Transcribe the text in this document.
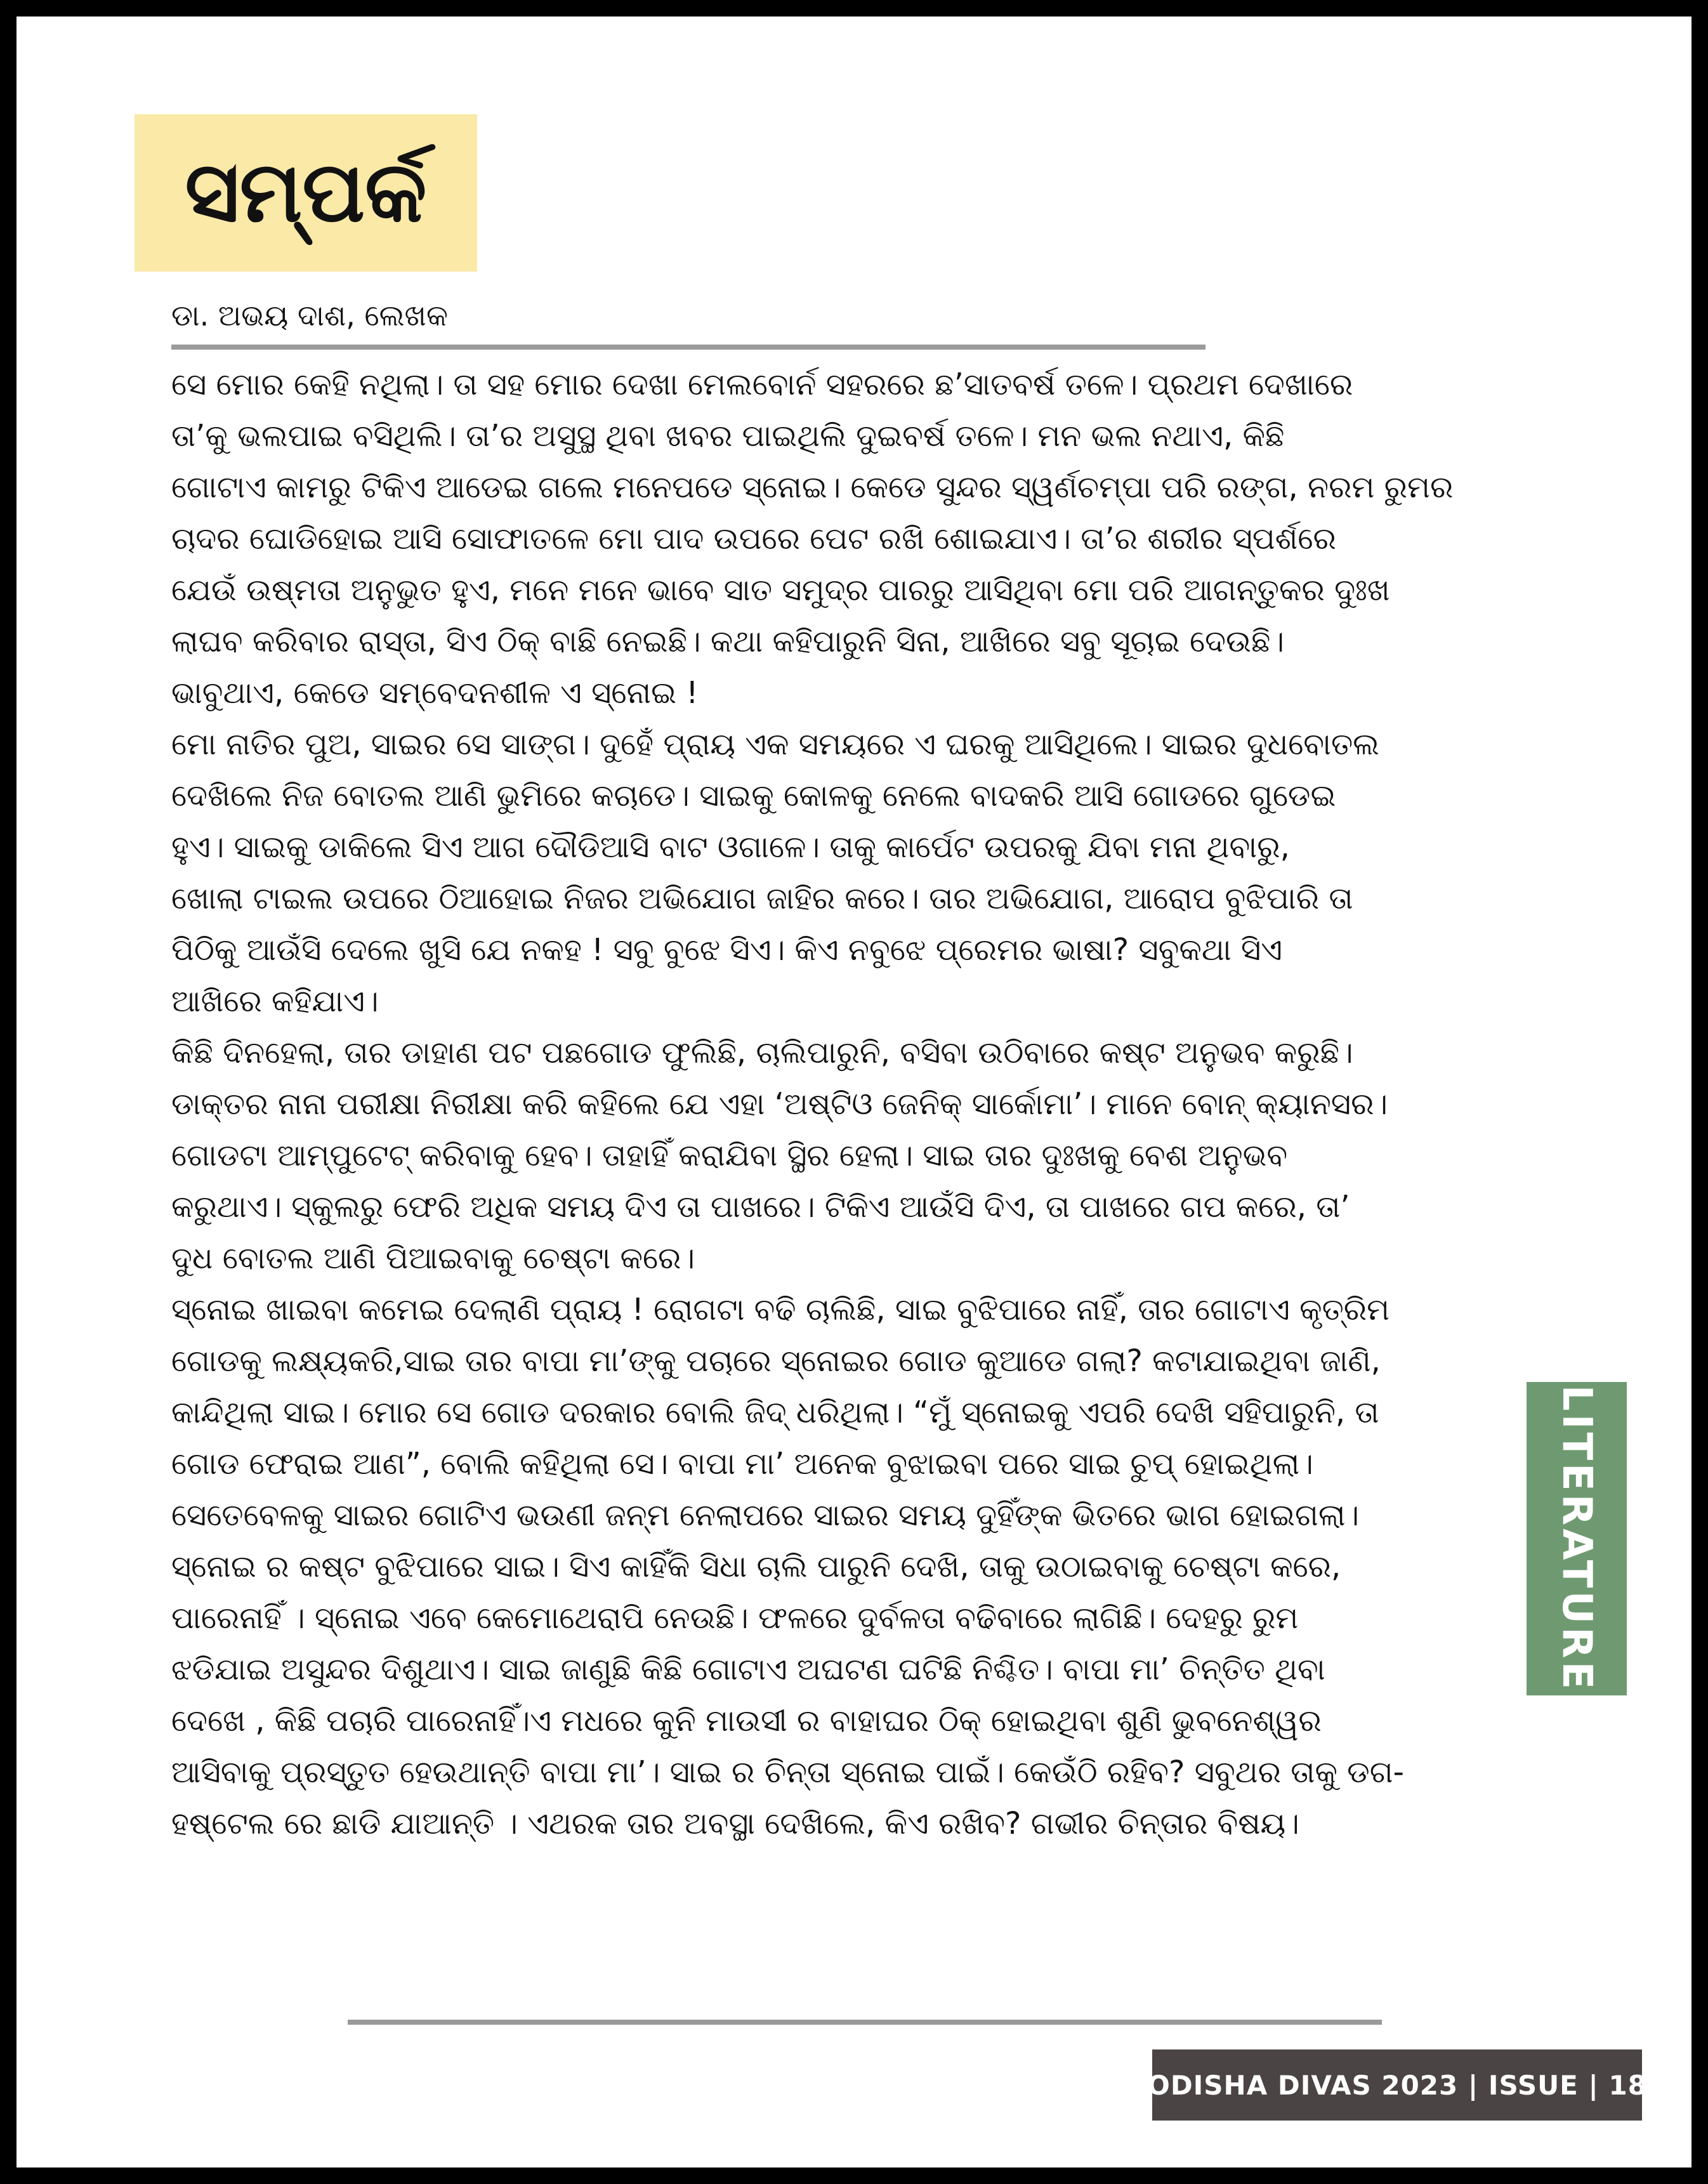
ସମ୍ପର୍କ
ଡା. ଅଭୟ ଦାଶ, ଲେଖକ
ସେ ମୋର କେହି ନଥିଲା। ତା ସହ ମୋର ଦେଖା ମେଲବୋର୍ନ ସହରରେ ଛ’ସାତବର୍ଷ ତଳେ। ପ୍ରଥମ ଦେଖାରେ
ତା’କୁ ଭଲପାଇ ବସିଥିଲି। ତା’ର ଅସୁସ୍ଥ ଥିବା ଖବର ପାଇଥିଲି ଦୁଇବର୍ଷ ତଳେ। ମନ ଭଲ ନଥାଏ, କିଛି
ଗୋଟାଏ କାମରୁ ଟିକିଏ ଆଡେଇ ଗଲେ ମନେପଡେ ସ୍ନୋଇ। କେଡେ ସୁନ୍ଦର ସ୍ୱର୍ଣଚମ୍ପା ପରି ରଙ୍ଗ, ନରମ ରୁମର
ଚାଦର ଘୋଡିହୋଇ ଆସି ସୋଫାତଳେ ମୋ ପାଦ ଉପରେ ପେଟ ରଖି ଶୋଇଯାଏ। ତା’ର ଶରୀର ସ୍ପର୍ଶରେ
ଯେଉଁ ଉଷ୍ମତା ଅନୁଭୁତ ହୁଏ, ମନେ ମନେ ଭାବେ ସାତ ସମୁଦ୍ର ପାରରୁ ଆସିଥିବା ମୋ ପରି ଆଗନ୍ତୁକର ଦୁଃଖ
ଲାଘବ କରିବାର ରାସ୍ତା, ସିଏ ଠିକ୍ ବାଛି ନେଇଛି। କଥା କହିପାରୁନି ସିନା, ଆଖିରେ ସବୁ ସୂଚାଇ ଦେଉଛି।
ଭାବୁଥାଏ, କେଡେ ସମ୍ବେଦନଶୀଳ ଏ ସ୍ନୋଇ !
ମୋ ନାତିର ପୁଅ, ସାଇର ସେ ସାଙ୍ଗ। ଦୁହେଁ ପ୍ରାୟ ଏକ ସମୟରେ ଏ ଘରକୁ ଆସିଥିଲେ। ସାଇର ଦୁଧବୋତଲ
ଦେଖିଲେ ନିଜ ବୋତଲ ଆଣି ଭୁମିରେ କଚାଡେ। ସାଇକୁ କୋଳକୁ ନେଲେ ବାଦକରି ଆସି ଗୋଡରେ ଗୁଡେଇ
ହୁଏ। ସାଇକୁ ଡାକିଲେ ସିଏ ଆଗ ଦୌଡିଆସି ବାଟ ଓଗାଳେ। ତାକୁ କାର୍ପେଟ ଉପରକୁ ଯିବା ମନା ଥିବାରୁ,
ଖୋଲା ଟାଇଲ ଉପରେ ଠିଆହୋଇ ନିଜର ଅଭିଯୋଗ ଜାହିର କରେ। ତାର ଅଭିଯୋଗ, ଆରୋପ ବୁଝିପାରି ତା
ପିଠିକୁ ଆଉଁସି ଦେଲେ ଖୁସି ଯେ ନକହ ! ସବୁ ବୁଝେ ସିଏ। କିଏ ନବୁଝେ ପ୍ରେମର ଭାଷା? ସବୁକଥା ସିଏ
ଆଖିରେ କହିଯାଏ।
କିଛି ଦିନହେଲା, ତାର ଡାହାଣ ପଟ ପଛଗୋଡ ଫୁଲିଛି, ଚାଲିପାରୁନି, ବସିବା ଉଠିବାରେ କଷ୍ଟ ଅନୁଭବ କରୁଛି।
ଡାକ୍ତର ନାନା ପରୀକ୍ଷା ନିରୀକ୍ଷା କରି କହିଲେ ଯେ ଏହା ‘ଅଷ୍ଟିଓ ଜେନିକ୍ ସାର୍କୋମା’। ମାନେ ବୋନ୍ କ୍ୟାନସର।
ଗୋଡଟା ଆମ୍ପୁଟେଟ୍ କରିବାକୁ ହେବ। ତାହାହିଁ କରାଯିବା ସ୍ଥିର ହେଲା। ସାଇ ତାର ଦୁଃଖକୁ ବେଶ ଅନୁଭବ
କରୁଥାଏ। ସ୍କୁଲରୁ ଫେରି ଅଧିକ ସମୟ ଦିଏ ତା ପାଖରେ। ଟିକିଏ ଆଉଁସି ଦିଏ, ତା ପାଖରେ ଗପ କରେ, ତା’
ଦୁଧ ବୋତଲ ଆଣି ପିଆଇବାକୁ ଚେଷ୍ଟା କରେ।
ସ୍ନୋଇ ଖାଇବା କମେଇ ଦେଲାଣି ପ୍ରାୟ ! ରୋଗଟା ବଢି ଚାଲିଛି, ସାଇ ବୁଝିପାରେ ନାହିଁ, ତାର ଗୋଟାଏ କୃତ୍ରିମ
ଗୋଡକୁ ଲକ୍ଷ୍ୟକରି,ସାଇ ତାର ବାପା ମା’ଙ୍କୁ ପଚାରେ ସ୍ନୋଇର ଗୋଡ କୁଆଡେ ଗଲା? କଟାଯାଇଥିବା ଜାଣି,
କାନ୍ଦିଥିଲା ସାଇ। ମୋର ସେ ଗୋଡ ଦରକାର ବୋଲି ଜିଦ୍ ଧରିଥିଲା। “ମୁଁ ସ୍ନୋଇକୁ ଏପରି ଦେଖି ସହିପାରୁନି, ତା
ଗୋଡ ଫେରାଇ ଆଣ”, ବୋଲି କହିଥିଲା ସେ। ବାପା ମା’ ଅନେକ ବୁଝାଇବା ପରେ ସାଇ ଚୁପ୍ ହୋଇଥିଲା।
ସେତେବେଳକୁ ସାଇର ଗୋଟିଏ ଭଉଣୀ ଜନ୍ମ ନେଲାପରେ ସାଇର ସମୟ ଦୁହିଁଙ୍କ ଭିତରେ ଭାଗ ହୋଇଗଲା।
ସ୍ନୋଇ ର କଷ୍ଟ ବୁଝିପାରେ ସାଇ। ସିଏ କାହିଁକି ସିଧା ଚାଲି ପାରୁନି ଦେଖି, ତାକୁ ଉଠାଇବାକୁ ଚେଷ୍ଟା କରେ,
ପାରେନାହିଁ । ସ୍ନୋଇ ଏବେ କେମୋଥେରାପି ନେଉଛି। ଫଳରେ ଦୁର୍ବଳତା ବଢିବାରେ ଲାଗିଛି। ଦେହରୁ ରୁମ
ଝଡିଯାଇ ଅସୁନ୍ଦର ଦିଶୁଥାଏ। ସାଇ ଜାଣୁଛି କିଛି ଗୋଟାଏ ଅଘଟଣ ଘଟିଛି ନିଶ୍ଚିତ। ବାପା ମା’ ଚିନ୍ତିତ ଥିବା
ଦେଖେ , କିଛି ପଚାରି ପାରେନାହିଁ।ଏ ମଧରେ କୁନି ମାଉସୀ ର ବାହାଘର ଠିକ୍ ହୋଇଥିବା ଶୁଣି ଭୁବନେଶ୍ୱର
ଆସିବାକୁ ପ୍ରସ୍ତୁତ ହେଉଥାନ୍ତି ବାପା ମା’। ସାଇ ର ଚିନ୍ତା ସ୍ନୋଇ ପାଇଁ। କେଉଁଠି ରହିବ? ସବୁଥର ତାକୁ ଡଗ-
ହଷ୍ଟେଲ ରେ ଛାଡି ଯାଆନ୍ତି । ଏଥରକ ତାର ଅବସ୍ଥା ଦେଖିଲେ, କିଏ ରଖିବ? ଗଭୀର ଚିନ୍ତାର ବିଷୟ।
LITERATURE
ODISHA DIVAS 2023 | ISSUE | 18
